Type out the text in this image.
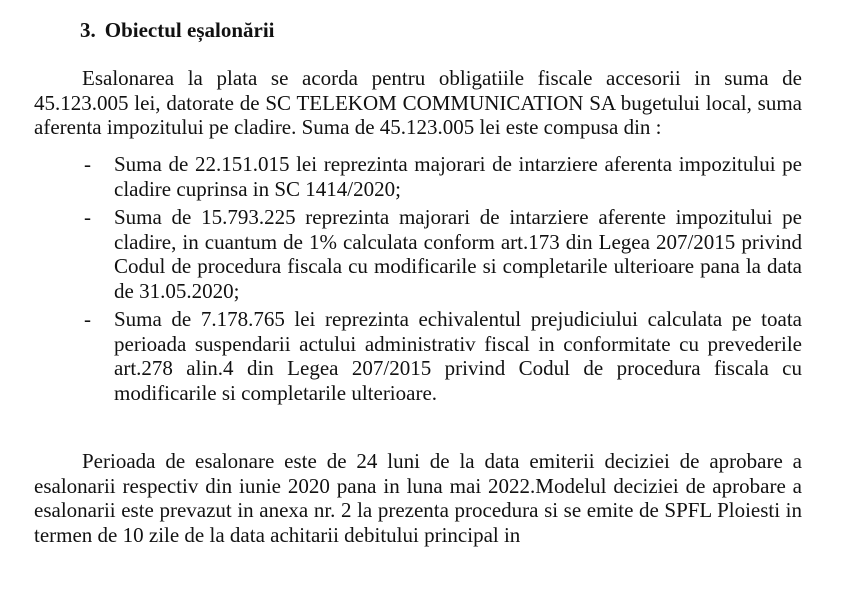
3. Obiectul eșalonării

Esalonarea la plata se acorda pentru obligatiile fiscale accesorii in suma de 45.123.005 lei, datorate de SC TELEKOM COMMUNICATION SA bugetului local, suma aferenta impozitului pe cladire. Suma de 45.123.005 lei este compusa din :

- Suma de 22.151.015 lei reprezinta majorari de intarziere aferenta impozitului pe cladire cuprinsa in SC 1414/2020;
- Suma de 15.793.225 reprezinta majorari de intarziere aferente impozitului pe cladire, in cuantum de 1% calculata conform art.173 din Legea 207/2015 privind Codul de procedura fiscala cu modificarile si completarile ulterioare pana la data de 31.05.2020;
- Suma de 7.178.765 lei reprezinta echivalentul prejudiciului calculata pe toata perioada suspendarii actului administrativ fiscal in conformitate cu prevederile art.278 alin.4 din Legea 207/2015 privind Codul de procedura fiscala cu modificarile si completarile ulterioare.

Perioada de esalonare este de 24 luni de la data emiterii deciziei de aprobare a esalonarii respectiv din iunie 2020 pana in luna mai 2022.Modelul deciziei de aprobare a esalonarii este prevazut in anexa nr. 2 la prezenta procedura si se emite de SPFL Ploiesti in termen de 10 zile de la data achitarii debitului principal in
